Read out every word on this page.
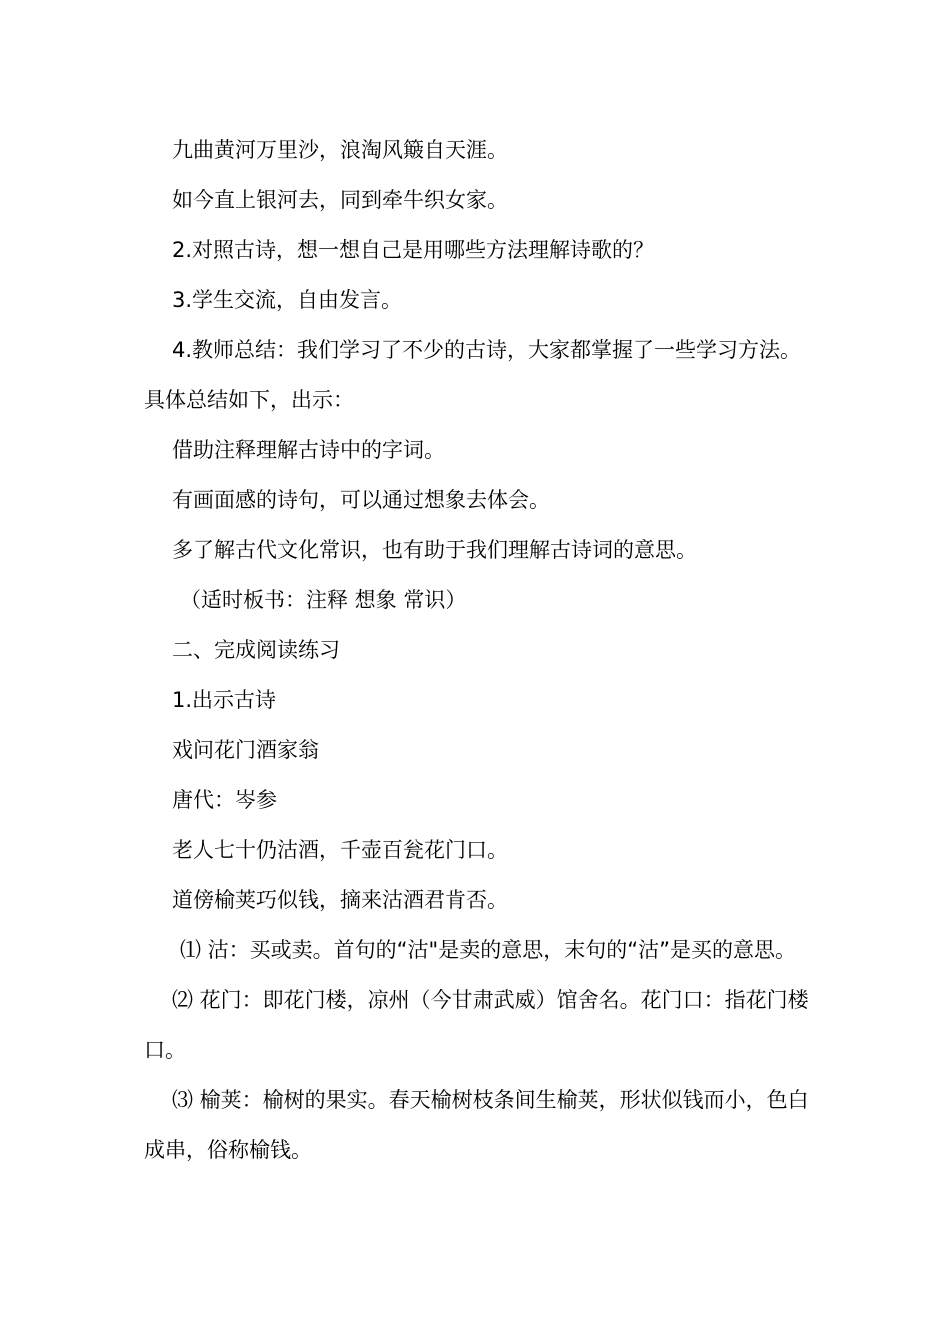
九曲黄河万里沙，浪淘风簸自天涯。

如今直上银河去，同到牵牛织女家。

2.对照古诗，想一想自己是用哪些方法理解诗歌的？

3.学生交流，自由发言。

4.教师总结：我们学习了不少的古诗，大家都掌握了一些学习方法。具体总结如下，出示：

借助注释理解古诗中的字词。

有画面感的诗句，可以通过想象去体会。

多了解古代文化常识，也有助于我们理解古诗词的意思。

（适时板书：注释 想象 常识）

二、完成阅读练习

1.出示古诗

戏问花门酒家翁

唐代：岑参

老人七十仍沽酒，千壶百瓮花门口。

道傍榆荚巧似钱，摘来沽酒君肯否。

⑴ 沽：买或卖。首句的“沽"是卖的意思，末句的“沽”是买的意思。

⑵ 花门：即花门楼，凉州（今甘肃武威）馆舍名。花门口：指花门楼口。

⑶ 榆荚：榆树的果实。春天榆树枝条间生榆荚，形状似钱而小，色白成串，俗称榆钱。
